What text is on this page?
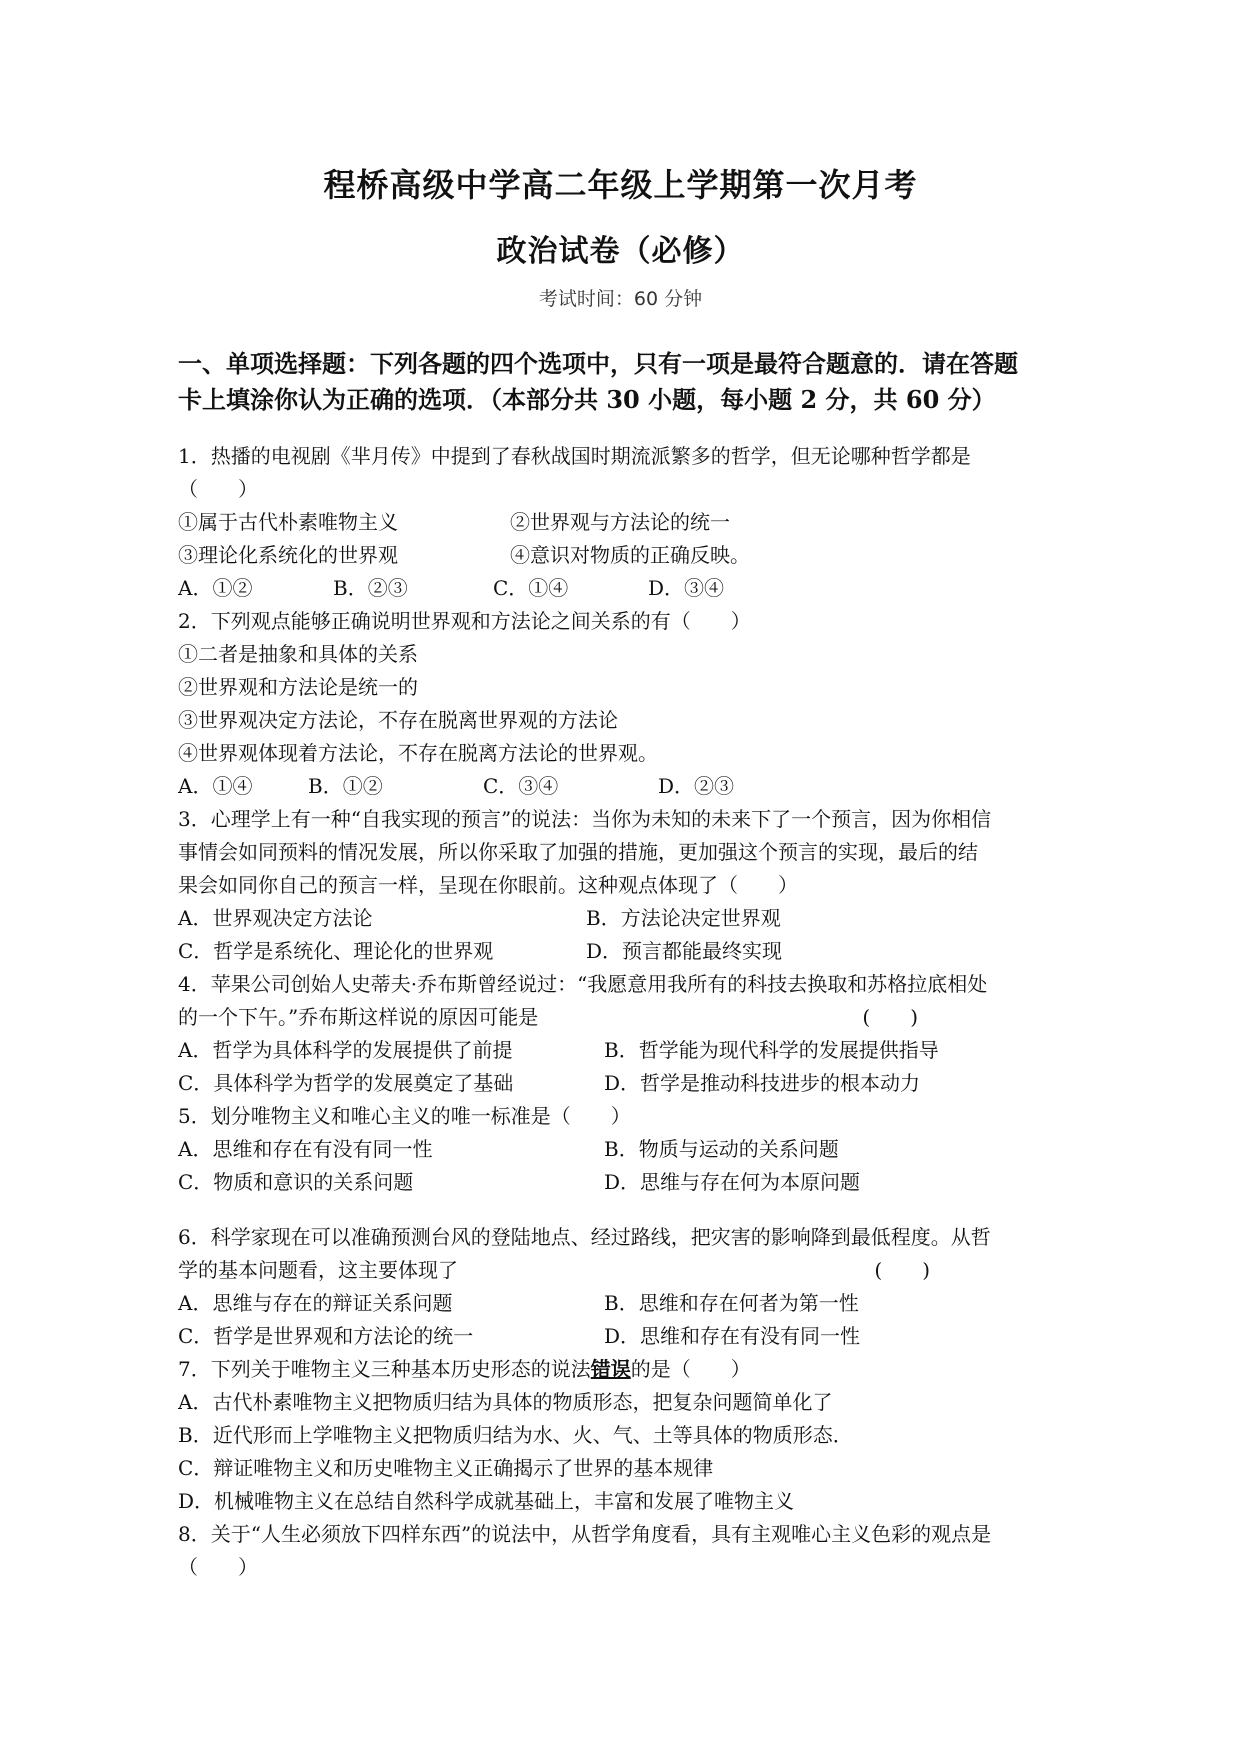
程桥高级中学高二年级上学期第一次月考
政治试卷（必修）
考试时间：60 分钟
一、单项选择题：下列各题的四个选项中，只有一项是最符合题意的．请在答题
卡上填涂你认为正确的选项．（本部分共 30 小题，每小题 2 分，共 60 分）
1．热播的电视剧《芈月传》中提到了春秋战国时期流派繁多的哲学，但无论哪种哲学都是
（　　）
①属于古代朴素唯物主义	②世界观与方法论的统一
③理论化系统化的世界观	④意识对物质的正确反映。
A．①②	B．②③	C．①④	D．③④
2．下列观点能够正确说明世界观和方法论之间关系的有（　　）
①二者是抽象和具体的关系
②世界观和方法论是统一的
③世界观决定方法论，不存在脱离世界观的方法论
④世界观体现着方法论，不存在脱离方法论的世界观。
A．①④	B．①②	C．③④	D．②③
3．心理学上有一种“自我实现的预言”的说法：当你为未知的未来下了一个预言，因为你相信
事情会如同预料的情况发展，所以你采取了加强的措施，更加强这个预言的实现，最后的结
果会如同你自己的预言一样，呈现在你眼前。这种观点体现了（　　）
A．世界观决定方法论	B．方法论决定世界观
C．哲学是系统化、理论化的世界观	D．预言都能最终实现
4．苹果公司创始人史蒂夫·乔布斯曾经说过：“我愿意用我所有的科技去换取和苏格拉底相处
的一个下午。”乔布斯这样说的原因可能是	(　　)
A．哲学为具体科学的发展提供了前提	B．哲学能为现代科学的发展提供指导
C．具体科学为哲学的发展奠定了基础	D．哲学是推动科技进步的根本动力
5．划分唯物主义和唯心主义的唯一标准是（　　）
A．思维和存在有没有同一性	B．物质与运动的关系问题
C．物质和意识的关系问题	D．思维与存在何为本原问题
6．科学家现在可以准确预测台风的登陆地点、经过路线，把灾害的影响降到最低程度。从哲
学的基本问题看，这主要体现了	(　　)
A．思维与存在的辩证关系问题	B．思维和存在何者为第一性
C．哲学是世界观和方法论的统一	D．思维和存在有没有同一性
7．下列关于唯物主义三种基本历史形态的说法错误的是（　　）
A．古代朴素唯物主义把物质归结为具体的物质形态，把复杂问题简单化了
B．近代形而上学唯物主义把物质归结为水、火、气、土等具体的物质形态．
C．辩证唯物主义和历史唯物主义正确揭示了世界的基本规律
D．机械唯物主义在总结自然科学成就基础上，丰富和发展了唯物主义
8．关于“人生必须放下四样东西”的说法中，从哲学角度看，具有主观唯心主义色彩的观点是
（　　）
